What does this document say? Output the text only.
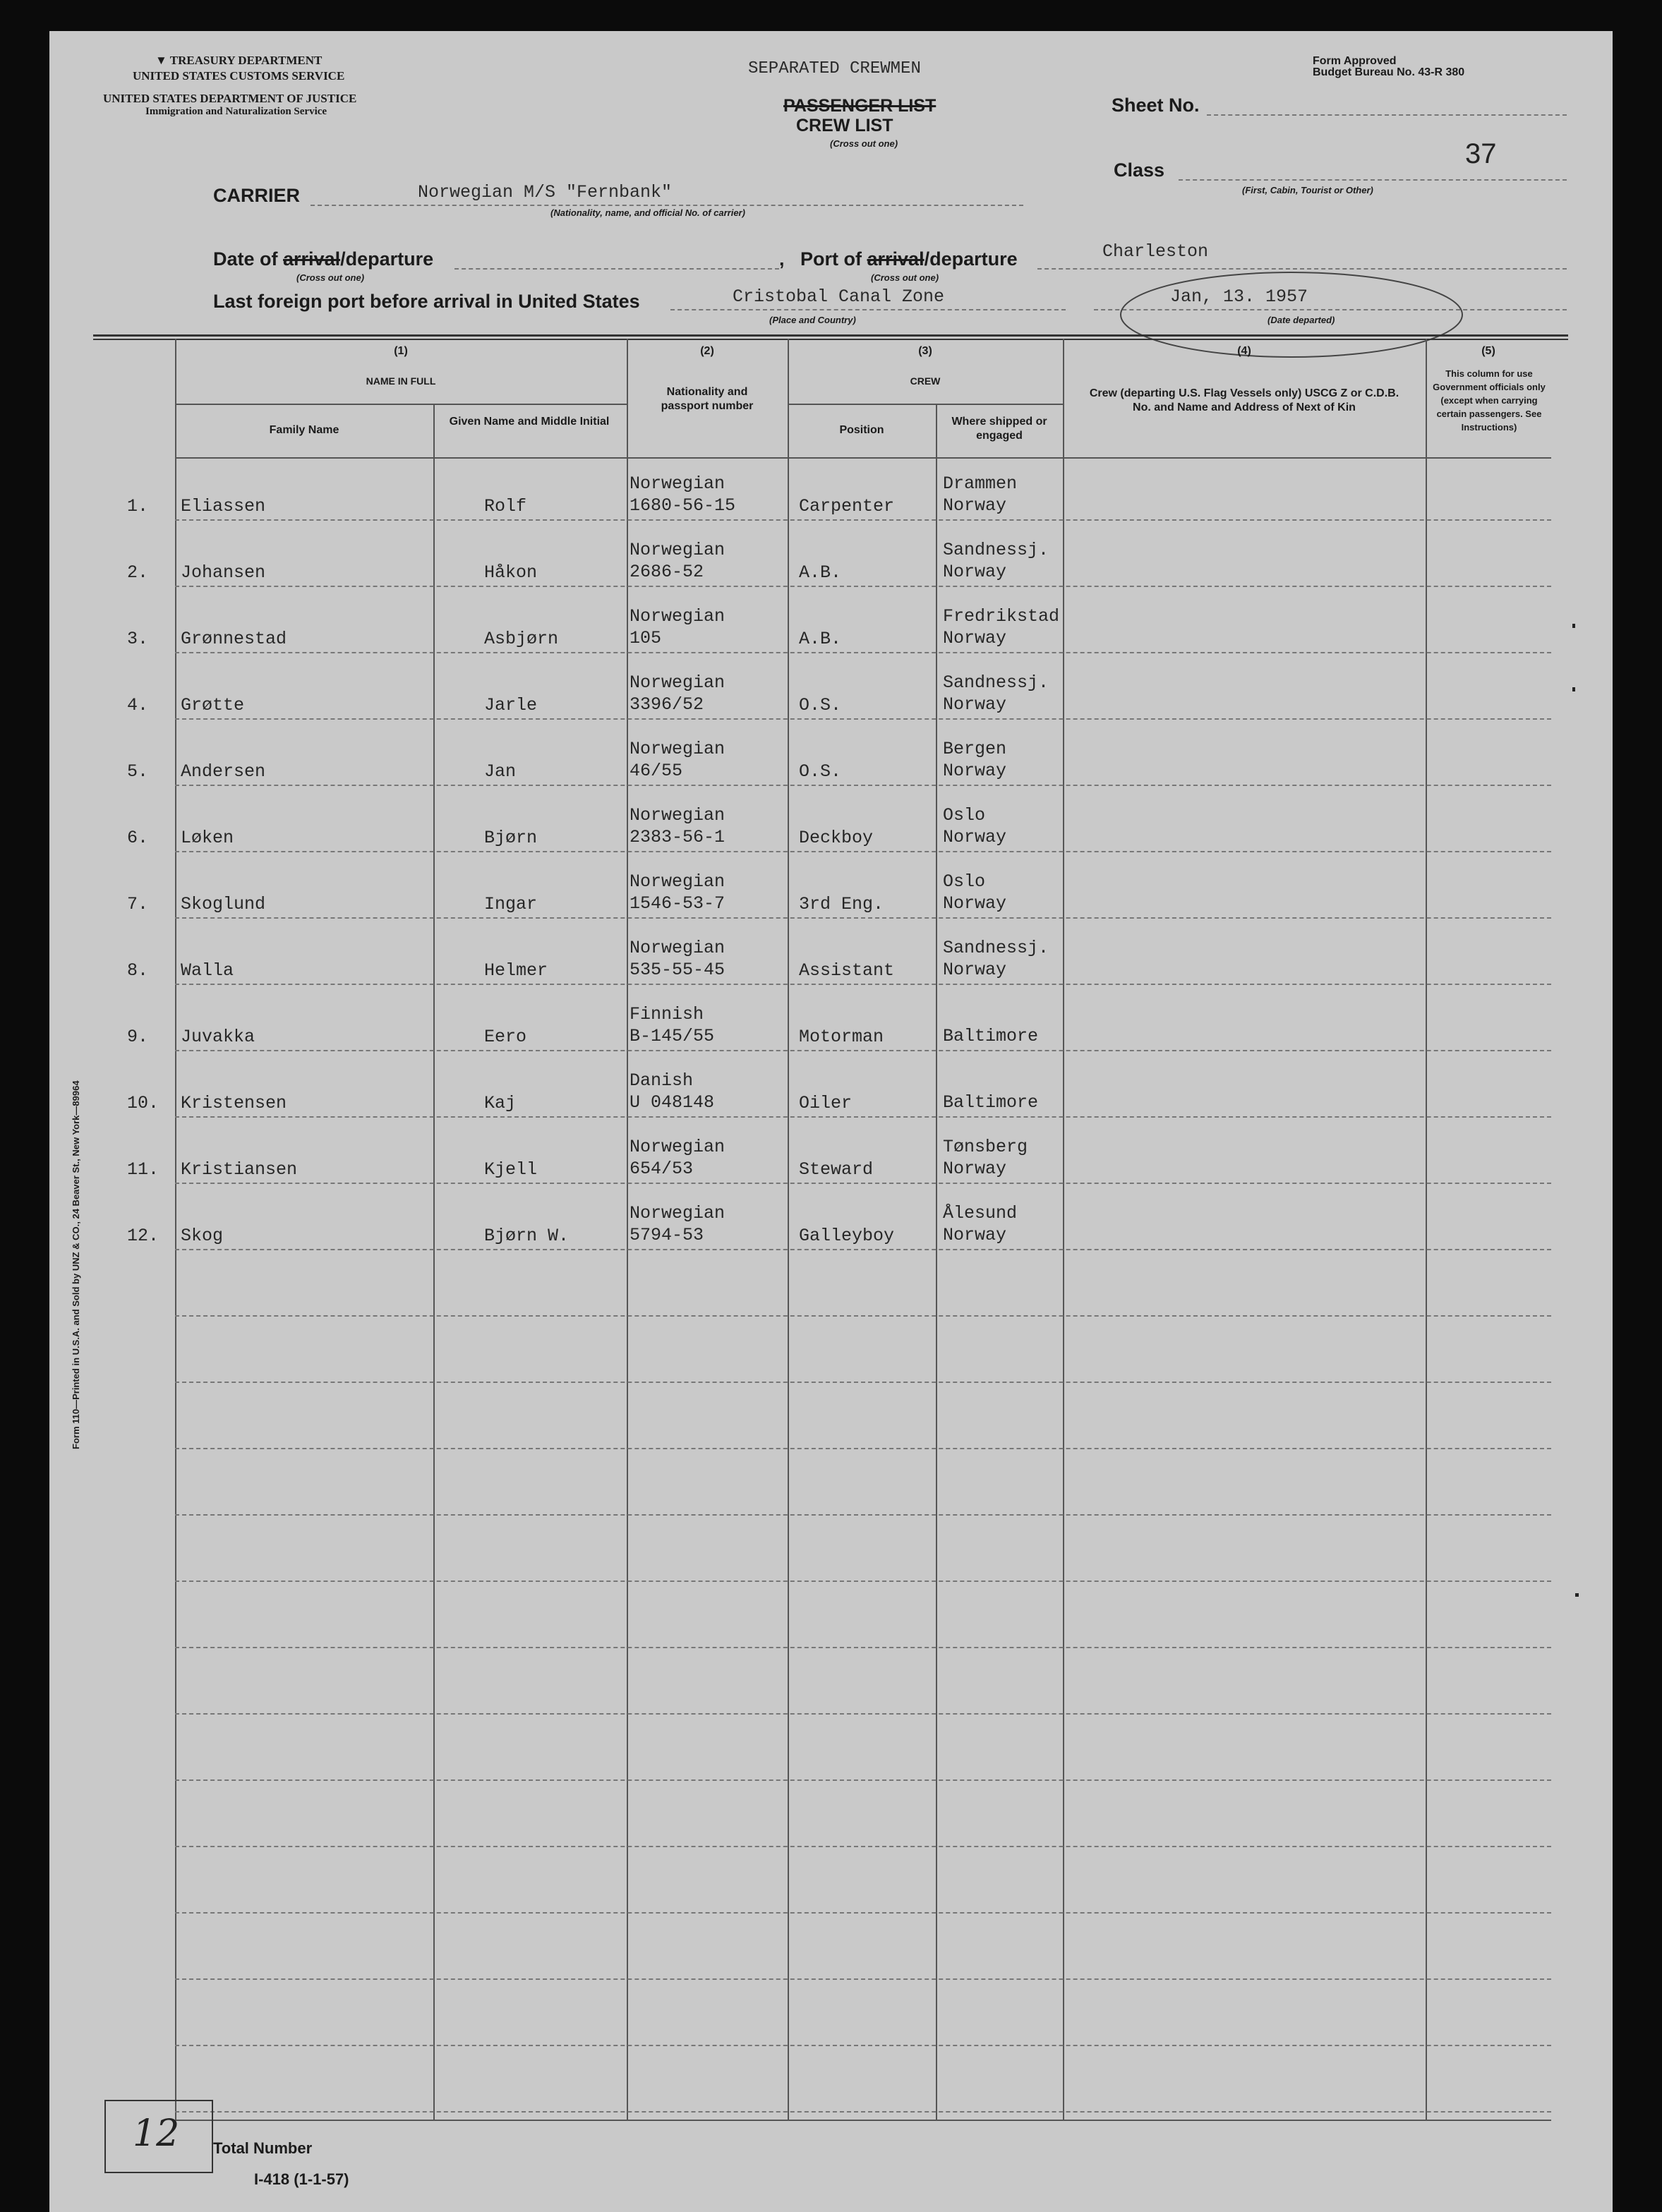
▼ TREASURY DEPARTMENT
UNITED STATES CUSTOMS SERVICE
UNITED STATES DEPARTMENT OF JUSTICE
Immigration and Naturalization Service
SEPARATED CREWMEN
PASSENGER LIST
CREW LIST
(Cross out one)
Form Approved
Budget Bureau No. 43-R 380
Sheet No.
37
Class
(First, Cabin, Tourist or Other)
CARRIER	Norwegian M/S "Fernbank"
(Nationality, name, and official No. of carrier)
Date of arrival/departure	,
(Cross out one)
Port of arrival/departure	Charleston
(Cross out one)
Last foreign port before arrival in United States	Cristobal Canal Zone
(Place and Country)
Jan, 13. 1957
(Date departed)
(1)
NAME IN FULL
Family Name
Given Name and Middle Initial
(2)
Nationality and passport number
(3)
CREW
Position
Where shipped or engaged
(4)
Crew (departing U.S. Flag Vessels only) USCG Z or C.D.B. No. and Name and Address of Next of Kin
(5)
This column for use Government officials only (except when carrying certain passengers. See Instructions)
1. Eliassen	Rolf
Norwegian
1680-56-15	Carpenter
Drammen
Norway
2. Johansen	Håkon
Norwegian
2686-52	A.B.
Sandnessj.
Norway
3. Grønnestad	Asbjørn
Norwegian
105	A.B.
Fredrikstad
Norway
4. Grøtte	Jarle
Norwegian
3396/52	O.S.
Sandnessj.
Norway
5. Andersen	Jan
Norwegian
46/55	O.S.
Bergen
Norway
6. Løken	Bjørn
Norwegian
2383-56-1	Deckboy
Oslo
Norway
7. Skoglund	Ingar
Norwegian
1546-53-7	3rd Eng.
Oslo
Norway
8. Walla	Helmer
Norwegian
535-55-45	Assistant
Sandnessj.
Norway
9. Juvakka	Eero
Finnish
B-145/55	Motorman	Baltimore
10. Kristensen	Kaj
Danish
U 048148	Oiler	Baltimore
11. Kristiansen	Kjell
Norwegian
654/53	Steward
Tønsberg
Norway
12. Skog	Bjørn W.
Norwegian
5794-53	Galleyboy
Ålesund
Norway
Form 110—Printed in U.S.A. and Sold by UNZ & CO., 24 Beaver St., New York—89964
12 Total Number
I-418 (1-1-57)
